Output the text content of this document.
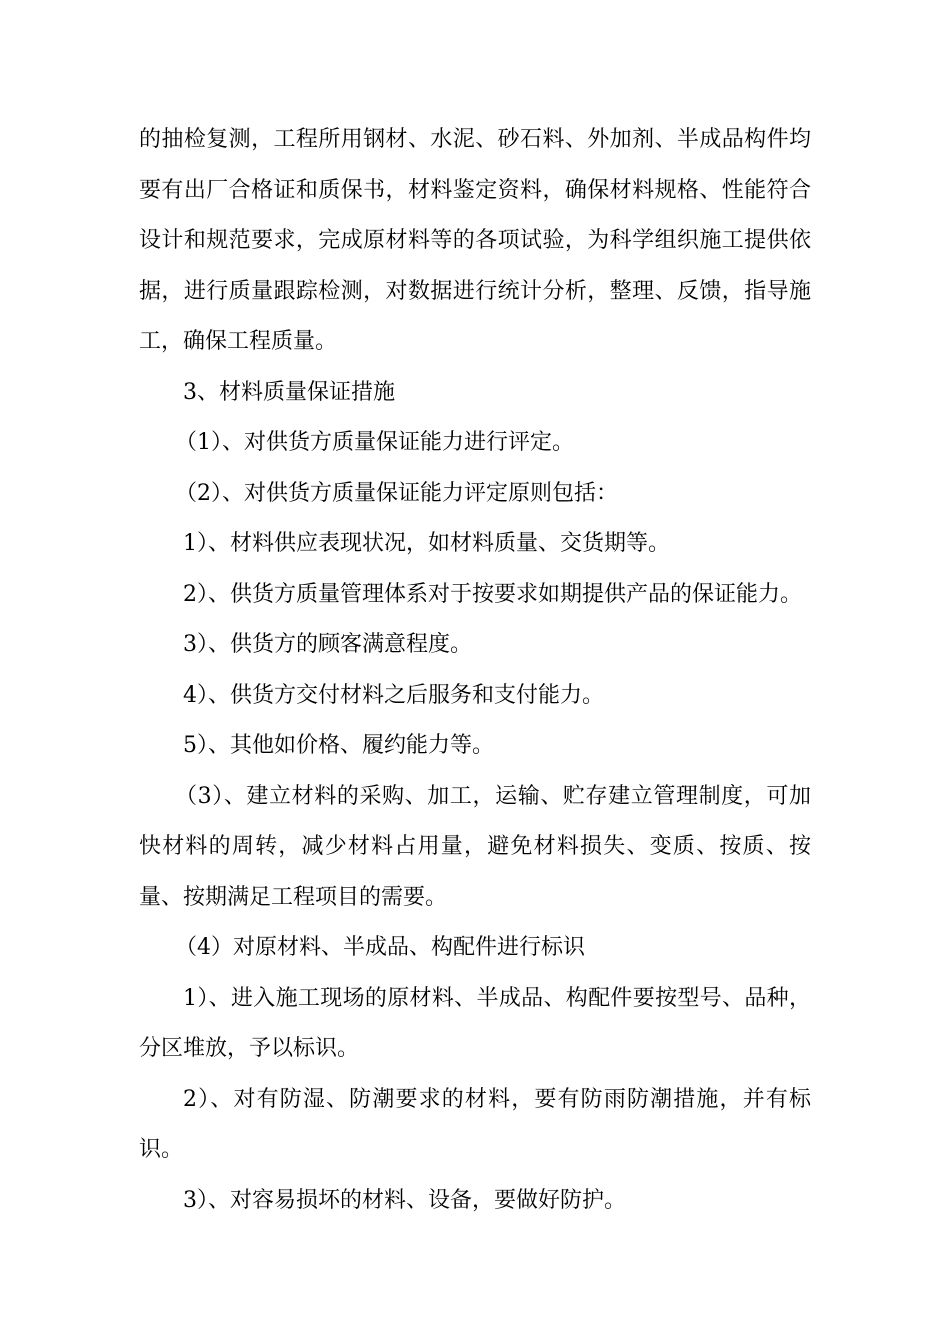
的抽检复测，工程所用钢材、水泥、砂石料、外加剂、半成品构件均要有出厂合格证和质保书，材料鉴定资料，确保材料规格、性能符合设计和规范要求，完成原材料等的各项试验，为科学组织施工提供依据，进行质量跟踪检测，对数据进行统计分析，整理、反馈，指导施工，确保工程质量。

3、材料质量保证措施

（1）、对供货方质量保证能力进行评定。

（2）、对供货方质量保证能力评定原则包括：

1）、材料供应表现状况，如材料质量、交货期等。

2）、供货方质量管理体系对于按要求如期提供产品的保证能力。

3）、供货方的顾客满意程度。

4）、供货方交付材料之后服务和支付能力。

5）、其他如价格、履约能力等。

（3）、建立材料的采购、加工，运输、贮存建立管理制度，可加快材料的周转，减少材料占用量，避免材料损失、变质、按质、按量、按期满足工程项目的需要。

（4）对原材料、半成品、构配件进行标识

1）、进入施工现场的原材料、半成品、构配件要按型号、品种，分区堆放，予以标识。

2）、对有防湿、防潮要求的材料，要有防雨防潮措施，并有标识。

3）、对容易损坏的材料、设备，要做好防护。
